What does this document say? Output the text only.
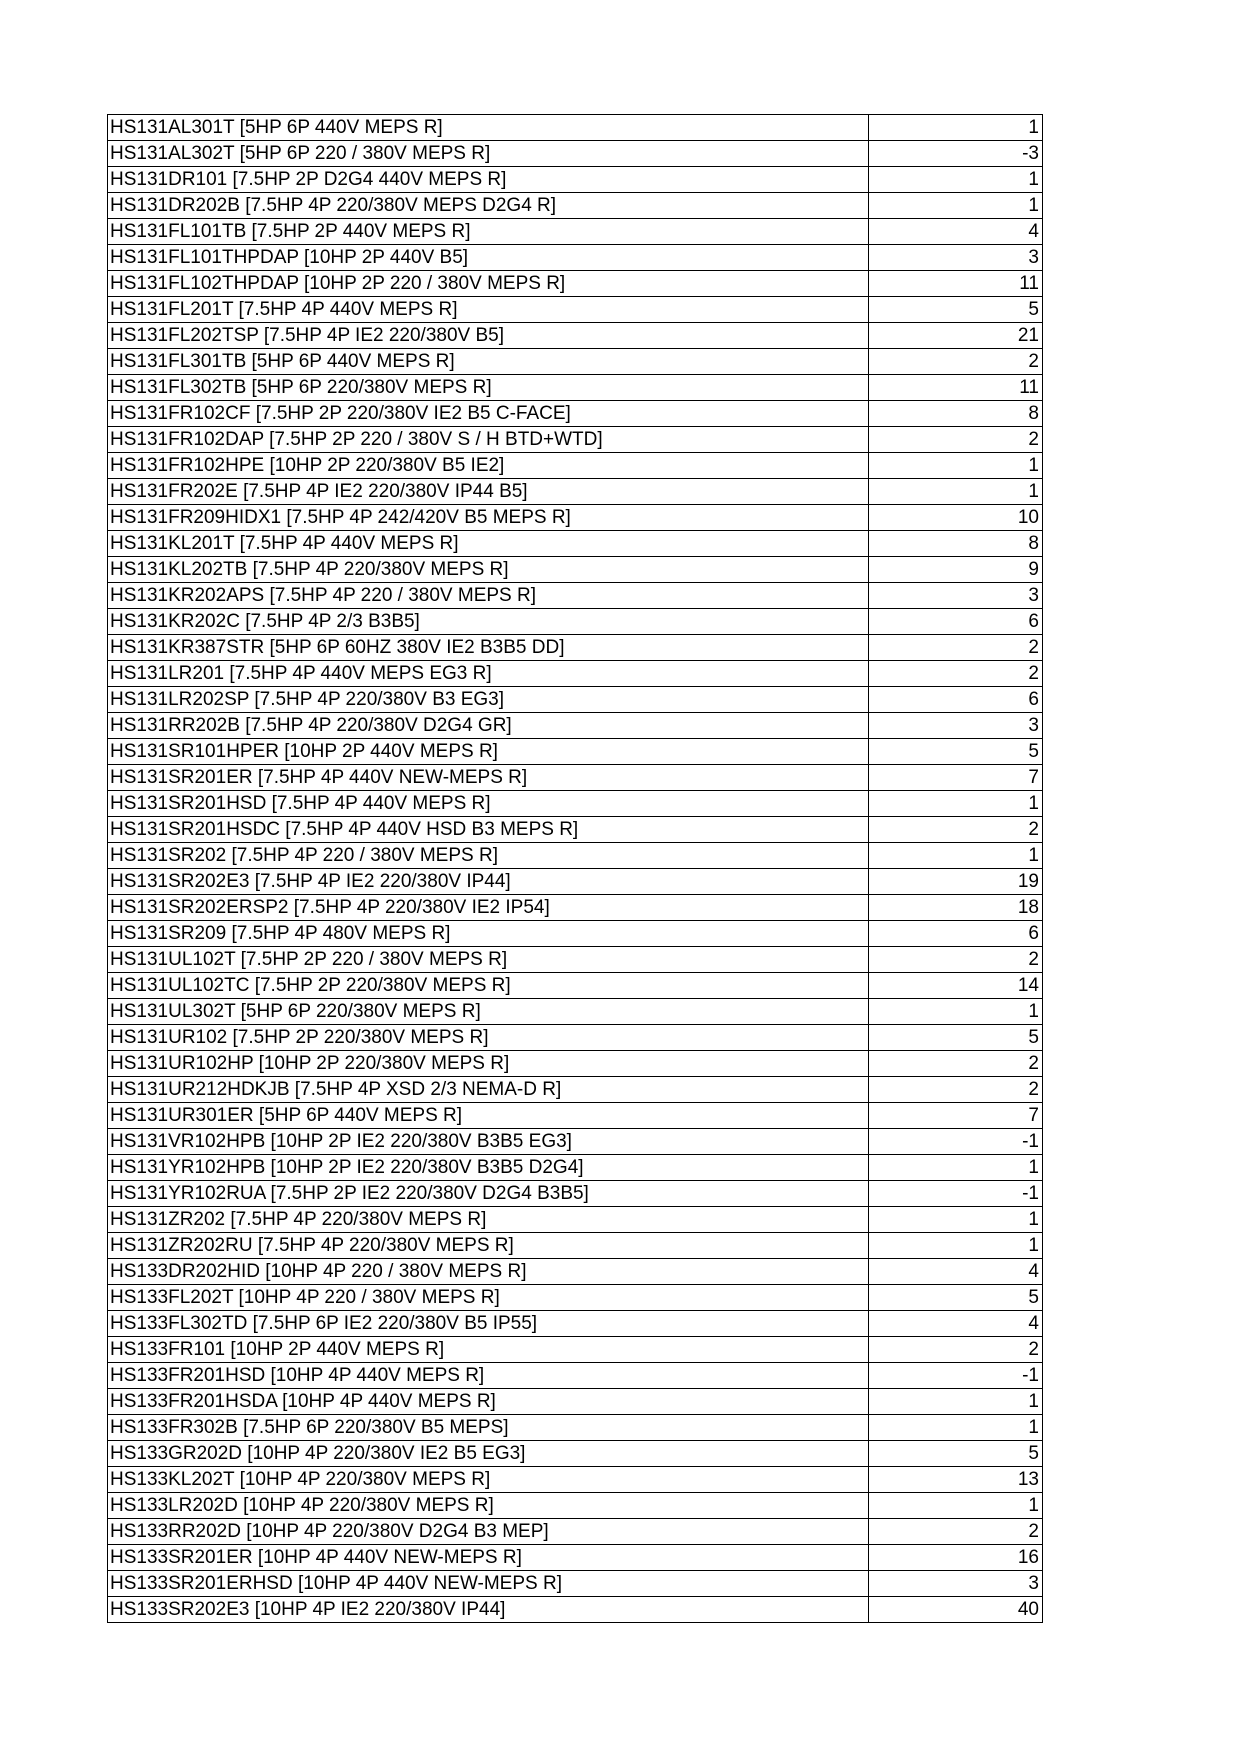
HS131AL301T [5HP 6P 440V MEPS R]	1
HS131AL302T [5HP 6P 220 / 380V MEPS R]	-3
HS131DR101 [7.5HP 2P D2G4 440V MEPS R]	1
HS131DR202B [7.5HP 4P 220/380V MEPS D2G4 R]	1
HS131FL101TB [7.5HP 2P 440V MEPS R]	4
HS131FL101THPDAP [10HP 2P 440V B5]	3
HS131FL102THPDAP [10HP 2P 220 / 380V MEPS R]	11
HS131FL201T [7.5HP 4P 440V MEPS R]	5
HS131FL202TSP [7.5HP 4P IE2 220/380V B5]	21
HS131FL301TB [5HP 6P 440V MEPS R]	2
HS131FL302TB [5HP 6P 220/380V MEPS R]	11
HS131FR102CF [7.5HP 2P 220/380V IE2 B5 C-FACE]	8
HS131FR102DAP [7.5HP 2P 220 / 380V S / H BTD+WTD]	2
HS131FR102HPE [10HP 2P 220/380V B5 IE2]	1
HS131FR202E [7.5HP 4P IE2 220/380V IP44 B5]	1
HS131FR209HIDX1 [7.5HP 4P 242/420V B5 MEPS R]	10
HS131KL201T [7.5HP 4P 440V MEPS R]	8
HS131KL202TB [7.5HP 4P 220/380V MEPS R]	9
HS131KR202APS [7.5HP 4P 220 / 380V MEPS R]	3
HS131KR202C [7.5HP 4P 2/3 B3B5]	6
HS131KR387STR [5HP 6P 60HZ 380V IE2 B3B5 DD]	2
HS131LR201 [7.5HP 4P 440V MEPS EG3 R]	2
HS131LR202SP [7.5HP 4P 220/380V B3 EG3]	6
HS131RR202B [7.5HP 4P 220/380V D2G4 GR]	3
HS131SR101HPER [10HP 2P 440V MEPS R]	5
HS131SR201ER [7.5HP 4P 440V NEW-MEPS R]	7
HS131SR201HSD [7.5HP 4P 440V MEPS R]	1
HS131SR201HSDC [7.5HP 4P 440V HSD B3 MEPS R]	2
HS131SR202 [7.5HP 4P 220 / 380V MEPS R]	1
HS131SR202E3 [7.5HP 4P IE2 220/380V IP44]	19
HS131SR202ERSP2 [7.5HP 4P 220/380V IE2 IP54]	18
HS131SR209 [7.5HP 4P 480V MEPS R]	6
HS131UL102T [7.5HP 2P 220 / 380V MEPS R]	2
HS131UL102TC [7.5HP 2P 220/380V MEPS R]	14
HS131UL302T [5HP 6P 220/380V MEPS R]	1
HS131UR102 [7.5HP 2P 220/380V MEPS R]	5
HS131UR102HP [10HP 2P 220/380V MEPS R]	2
HS131UR212HDKJB [7.5HP 4P XSD 2/3 NEMA-D R]	2
HS131UR301ER [5HP 6P 440V MEPS R]	7
HS131VR102HPB [10HP 2P IE2 220/380V B3B5 EG3]	-1
HS131YR102HPB [10HP 2P IE2 220/380V B3B5 D2G4]	1
HS131YR102RUA [7.5HP 2P IE2 220/380V D2G4 B3B5]	-1
HS131ZR202 [7.5HP 4P 220/380V MEPS R]	1
HS131ZR202RU [7.5HP 4P 220/380V MEPS R]	1
HS133DR202HID [10HP 4P 220 / 380V MEPS R]	4
HS133FL202T [10HP 4P 220 / 380V MEPS R]	5
HS133FL302TD [7.5HP 6P IE2 220/380V B5 IP55]	4
HS133FR101 [10HP 2P 440V MEPS R]	2
HS133FR201HSD [10HP 4P 440V MEPS R]	-1
HS133FR201HSDA [10HP 4P 440V MEPS R]	1
HS133FR302B [7.5HP 6P 220/380V B5 MEPS]	1
HS133GR202D [10HP 4P 220/380V IE2 B5 EG3]	5
HS133KL202T [10HP 4P 220/380V MEPS R]	13
HS133LR202D [10HP 4P 220/380V MEPS R]	1
HS133RR202D [10HP 4P 220/380V D2G4 B3 MEP]	2
HS133SR201ER [10HP 4P 440V NEW-MEPS R]	16
HS133SR201ERHSD [10HP 4P 440V NEW-MEPS R]	3
HS133SR202E3 [10HP 4P IE2 220/380V IP44]	40
